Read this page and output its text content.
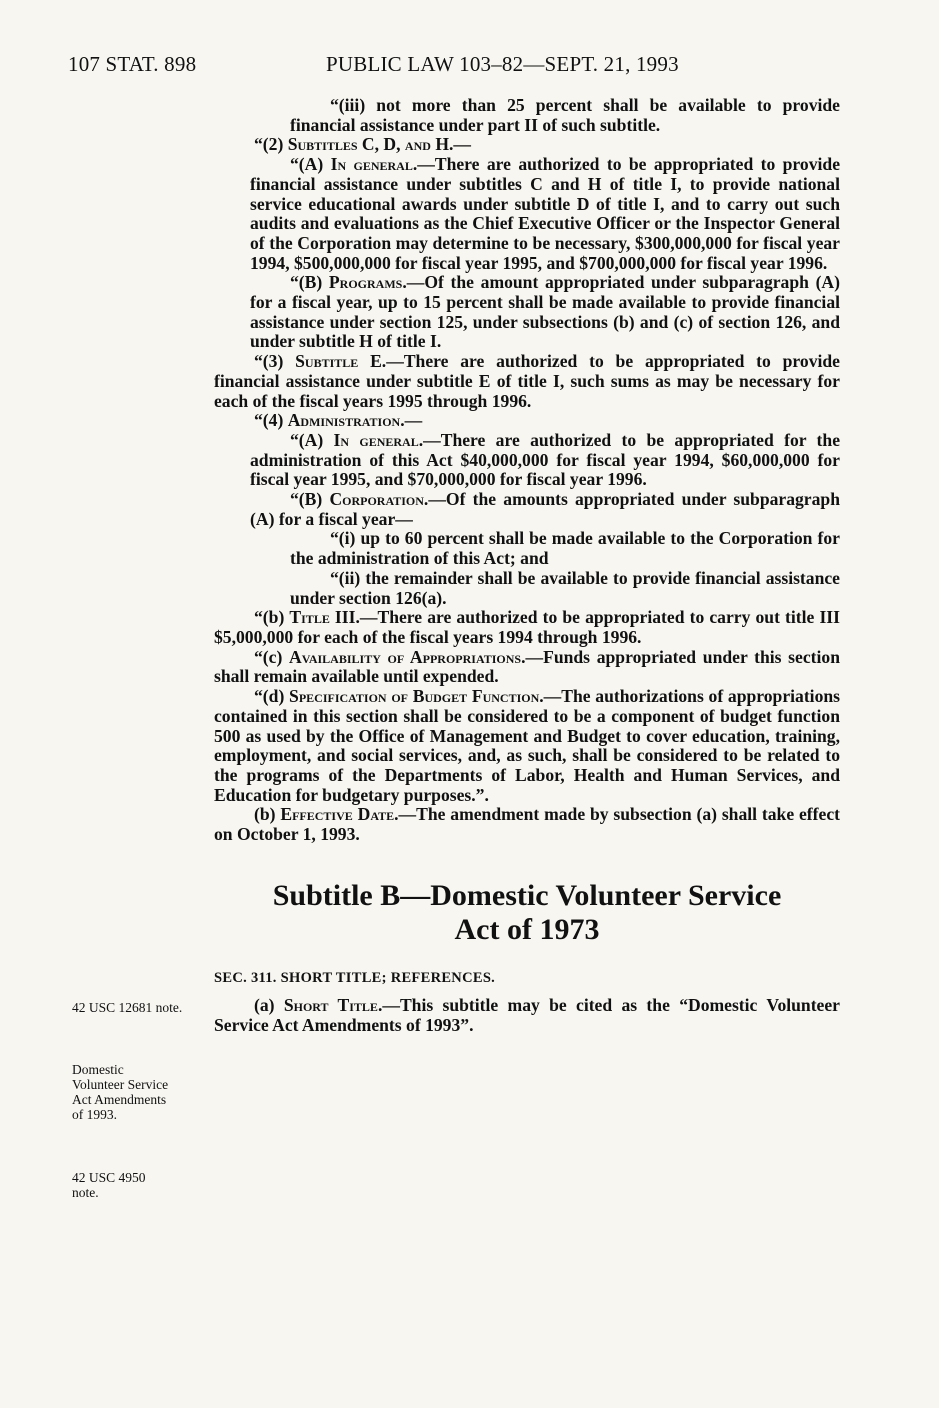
107 STAT. 898	PUBLIC LAW 103–82—SEPT. 21, 1993
42 USC 12681 note.
Domestic Volunteer Service Act Amendments of 1993.
42 USC 4950 note.

“(iii) not more than 25 percent shall be available to provide financial assistance under part II of such subtitle.

“(2) Subtitles C, D, and H.—

“(A) In general.—There are authorized to be appropriated to provide financial assistance under subtitles C and H of title I, to provide national service educational awards under subtitle D of title I, and to carry out such audits and evaluations as the Chief Executive Officer or the Inspector General of the Corporation may determine to be necessary, $300,000,000 for fiscal year 1994, $500,000,000 for fiscal year 1995, and $700,000,000 for fiscal year 1996.

“(B) Programs.—Of the amount appropriated under subparagraph (A) for a fiscal year, up to 15 percent shall be made available to provide financial assistance under section 125, under subsections (b) and (c) of section 126, and under subtitle H of title I.

“(3) Subtitle E.—There are authorized to be appropriated to provide financial assistance under subtitle E of title I, such sums as may be necessary for each of the fiscal years 1995 through 1996.

“(4) Administration.—

“(A) In general.—There are authorized to be appropriated for the administration of this Act $40,000,000 for fiscal year 1994, $60,000,000 for fiscal year 1995, and $70,000,000 for fiscal year 1996.

“(B) Corporation.—Of the amounts appropriated under subparagraph (A) for a fiscal year—

“(i) up to 60 percent shall be made available to the Corporation for the administration of this Act; and

“(ii) the remainder shall be available to provide financial assistance under section 126(a).

“(b) Title III.—There are authorized to be appropriated to carry out title III $5,000,000 for each of the fiscal years 1994 through 1996.

“(c) Availability of Appropriations.—Funds appropriated under this section shall remain available until expended.

“(d) Specification of Budget Function.—The authorizations of appropriations contained in this section shall be considered to be a component of budget function 500 as used by the Office of Management and Budget to cover education, training, employment, and social services, and, as such, shall be considered to be related to the programs of the Departments of Labor, Health and Human Services, and Education for budgetary purposes.”.

(b) Effective Date.—The amendment made by subsection (a) shall take effect on October 1, 1993.

Subtitle B—Domestic Volunteer Service
Act of 1973
SEC. 311. SHORT TITLE; REFERENCES.

(a) Short Title.—This subtitle may be cited as the “Domestic Volunteer Service Act Amendments of 1993”.
